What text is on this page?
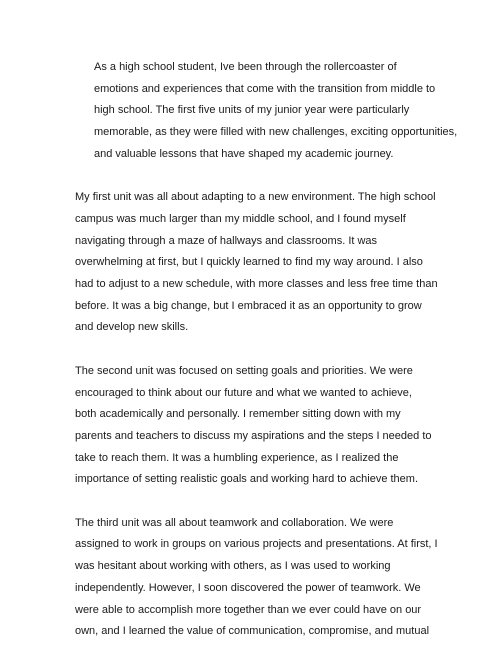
As a high school student, Ive been through the rollercoaster of
emotions and experiences that come with the transition from middle to
high school. The first five units of my junior year were particularly
memorable, as they were filled with new challenges, exciting opportunities,
and valuable lessons that have shaped my academic journey.

My first unit was all about adapting to a new environment. The high school
campus was much larger than my middle school, and I found myself
navigating through a maze of hallways and classrooms. It was
overwhelming at first, but I quickly learned to find my way around. I also
had to adjust to a new schedule, with more classes and less free time than
before. It was a big change, but I embraced it as an opportunity to grow
and develop new skills.

The second unit was focused on setting goals and priorities. We were
encouraged to think about our future and what we wanted to achieve,
both academically and personally. I remember sitting down with my
parents and teachers to discuss my aspirations and the steps I needed to
take to reach them. It was a humbling experience, as I realized the
importance of setting realistic goals and working hard to achieve them.

The third unit was all about teamwork and collaboration. We were
assigned to work in groups on various projects and presentations. At first, I
was hesitant about working with others, as I was used to working
independently. However, I soon discovered the power of teamwork. We
were able to accomplish more together than we ever could have on our
own, and I learned the value of communication, compromise, and mutual
